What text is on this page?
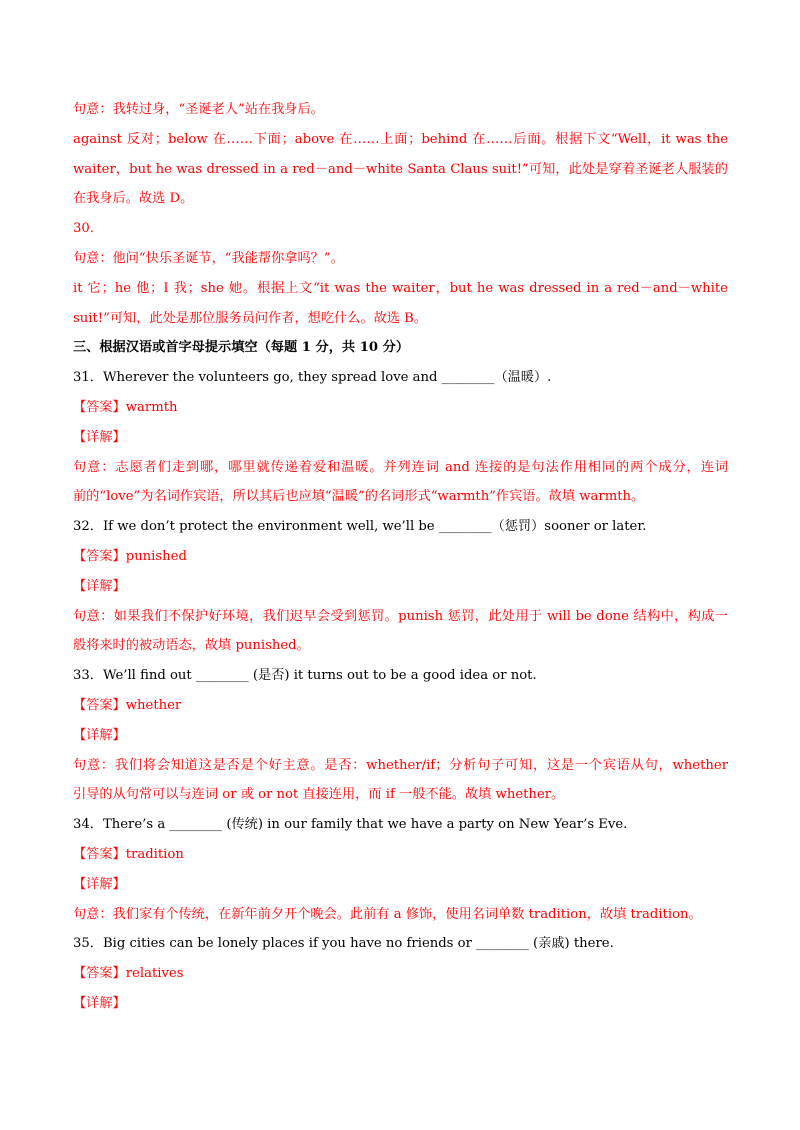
句意：我转过身，“圣诞老人”站在我身后。

against 反对；below 在……下面；above 在……上面；behind 在……后面。根据下文“Well，it was the

waiter，but he was dressed in a red－and－white Santa Claus suit!”可知，此处是穿着圣诞老人服装的

在我身后。故选 D。

30．

句意：他问“快乐圣诞节，“我能帮你拿吗？”。

it 它；he 他；I 我；she 她。根据上文“it was the waiter，but he was dressed in a red－and－white

suit!”可知，此处是那位服务员问作者，想吃什么。故选 B。

三、根据汉语或首字母提示填空（每题 1 分，共 10 分）

31．Wherever the volunteers go, they spread love and ________（温暖）.

【答案】warmth

【详解】

句意：志愿者们走到哪，哪里就传递着爱和温暖。并列连词 and 连接的是句法作用相同的两个成分，连词

前的“love”为名词作宾语，所以其后也应填“温暖”的名词形式“warmth”作宾语。故填 warmth。

32．If we don’t protect the environment well, we’ll be ________（惩罚）sooner or later.

【答案】punished

【详解】

句意：如果我们不保护好环境，我们迟早会受到惩罚。punish 惩罚，此处用于 will be done 结构中，构成一

般将来时的被动语态，故填 punished。

33．We’ll find out ________ (是否) it turns out to be a good idea or not.

【答案】whether

【详解】

句意：我们将会知道这是否是个好主意。是否：whether/if；分析句子可知，这是一个宾语从句，whether

引导的从句常可以与连词 or 或 or not 直接连用，而 if 一般不能。故填 whether。

34．There’s a ________ (传统) in our family that we have a party on New Year’s Eve.

【答案】tradition

【详解】

句意：我们家有个传统，在新年前夕开个晚会。此前有 a 修饰，使用名词单数 tradition，故填 tradition。

35．Big cities can be lonely places if you have no friends or ________ (亲戚) there.

【答案】relatives

【详解】
